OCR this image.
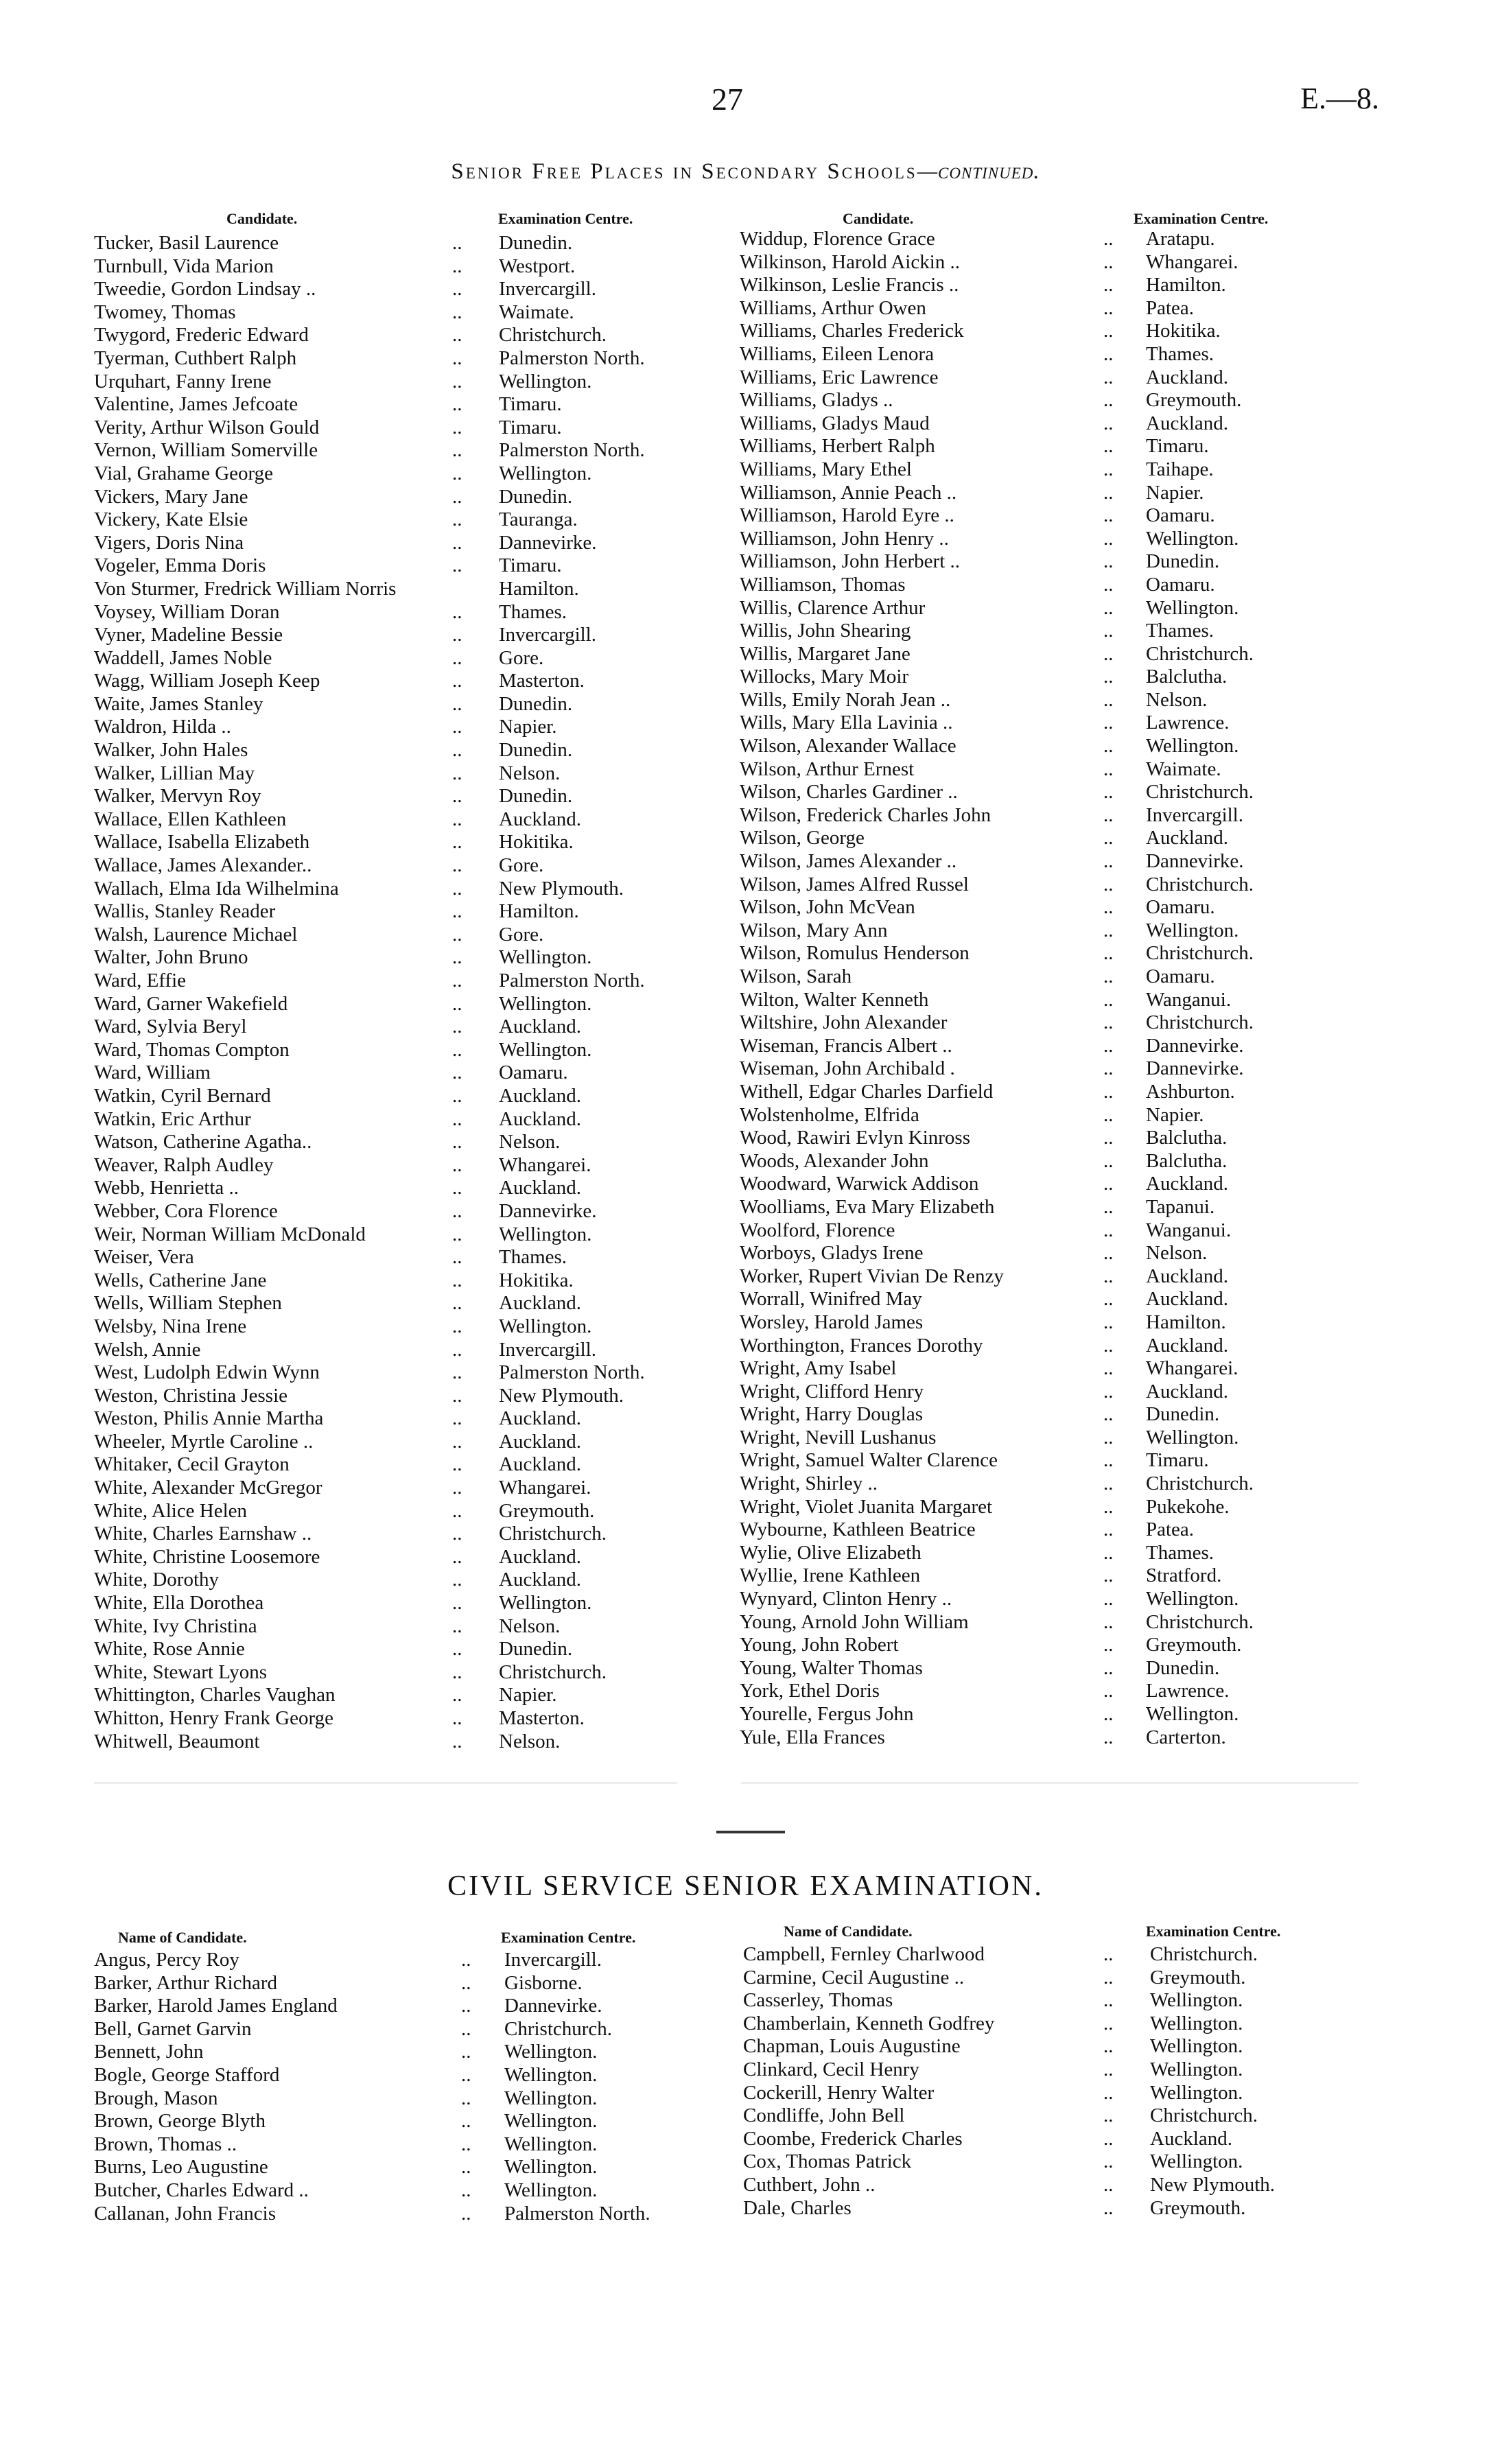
27	E.—8.
Senior Free Places in Secondary Schools—continued.
Candidate.	Examination Centre.	Candidate.	Examination Centre.
Tucker, Basil Laurence	.. Dunedin.
Turnbull, Vida Marion	.. Westport.
Tweedie, Gordon Lindsay ..	.. Invercargill.
Twomey, Thomas	.. Waimate.
Twygord, Frederic Edward	.. Christchurch.
Tyerman, Cuthbert Ralph	.. Palmerston North.
Urquhart, Fanny Irene	.. Wellington.
Valentine, James Jefcoate	.. Timaru.
Verity, Arthur Wilson Gould	.. Timaru.
Vernon, William Somerville	.. Palmerston North.
Vial, Grahame George	.. Wellington.
Vickers, Mary Jane	.. Dunedin.
Vickery, Kate Elsie	.. Tauranga.
Vigers, Doris Nina	.. Dannevirke.
Vogeler, Emma Doris	.. Timaru.
Von Sturmer, Fredrick William Norris	Hamilton.
Voysey, William Doran	.. Thames.
Vyner, Madeline Bessie	.. Invercargill.
Waddell, James Noble	.. Gore.
Wagg, William Joseph Keep	.. Masterton.
Waite, James Stanley	.. Dunedin.
Waldron, Hilda ..	.. Napier.
Walker, John Hales	.. Dunedin.
Walker, Lillian May	.. Nelson.
Walker, Mervyn Roy	.. Dunedin.
Wallace, Ellen Kathleen	.. Auckland.
Wallace, Isabella Elizabeth	.. Hokitika.
Wallace, James Alexander..	.. Gore.
Wallach, Elma Ida Wilhelmina	.. New Plymouth.
Wallis, Stanley Reader	.. Hamilton.
Walsh, Laurence Michael	.. Gore.
Walter, John Bruno	.. Wellington.
Ward, Effie	.. Palmerston North.
Ward, Garner Wakefield	.. Wellington.
Ward, Sylvia Beryl	.. Auckland.
Ward, Thomas Compton	.. Wellington.
Ward, William	.. Oamaru.
Watkin, Cyril Bernard	.. Auckland.
Watkin, Eric Arthur	.. Auckland.
Watson, Catherine Agatha..	.. Nelson.
Weaver, Ralph Audley	.. Whangarei.
Webb, Henrietta ..	.. Auckland.
Webber, Cora Florence	.. Dannevirke.
Weir, Norman William McDonald	.. Wellington.
Weiser, Vera	.. Thames.
Wells, Catherine Jane	.. Hokitika.
Wells, William Stephen	.. Auckland.
Welsby, Nina Irene	.. Wellington.
Welsh, Annie	.. Invercargill.
West, Ludolph Edwin Wynn	.. Palmerston North.
Weston, Christina Jessie	.. New Plymouth.
Weston, Philis Annie Martha	.. Auckland.
Wheeler, Myrtle Caroline ..	.. Auckland.
Whitaker, Cecil Grayton	.. Auckland.
White, Alexander McGregor	.. Whangarei.
White, Alice Helen	.. Greymouth.
White, Charles Earnshaw ..	.. Christchurch.
White, Christine Loosemore	.. Auckland.
White, Dorothy	.. Auckland.
White, Ella Dorothea	.. Wellington.
White, Ivy Christina	.. Nelson.
White, Rose Annie	.. Dunedin.
White, Stewart Lyons	.. Christchurch.
Whittington, Charles Vaughan	.. Napier.
Whitton, Henry Frank George	.. Masterton.
Whitwell, Beaumont	.. Nelson.
Widdup, Florence Grace	.. Aratapu.
Wilkinson, Harold Aickin ..	.. Whangarei.
Wilkinson, Leslie Francis ..	.. Hamilton.
Williams, Arthur Owen	.. Patea.
Williams, Charles Frederick	.. Hokitika.
Williams, Eileen Lenora	.. Thames.
Williams, Eric Lawrence	.. Auckland.
Williams, Gladys ..	.. Greymouth.
Williams, Gladys Maud	.. Auckland.
Williams, Herbert Ralph	.. Timaru.
Williams, Mary Ethel	.. Taihape.
Williamson, Annie Peach ..	.. Napier.
Williamson, Harold Eyre ..	.. Oamaru.
Williamson, John Henry ..	.. Wellington.
Williamson, John Herbert ..	.. Dunedin.
Williamson, Thomas	.. Oamaru.
Willis, Clarence Arthur	.. Wellington.
Willis, John Shearing	.. Thames.
Willis, Margaret Jane	.. Christchurch.
Willocks, Mary Moir	.. Balclutha.
Wills, Emily Norah Jean ..	.. Nelson.
Wills, Mary Ella Lavinia ..	.. Lawrence.
Wilson, Alexander Wallace	.. Wellington.
Wilson, Arthur Ernest	.. Waimate.
Wilson, Charles Gardiner ..	.. Christchurch.
Wilson, Frederick Charles John	.. Invercargill.
Wilson, George	.. Auckland.
Wilson, James Alexander ..	.. Dannevirke.
Wilson, James Alfred Russel	.. Christchurch.
Wilson, John McVean	.. Oamaru.
Wilson, Mary Ann	.. Wellington.
Wilson, Romulus Henderson	.. Christchurch.
Wilson, Sarah	.. Oamaru.
Wilton, Walter Kenneth	.. Wanganui.
Wiltshire, John Alexander	.. Christchurch.
Wiseman, Francis Albert ..	.. Dannevirke.
Wiseman, John Archibald .	.. Dannevirke.
Withell, Edgar Charles Darfield	.. Ashburton.
Wolstenholme, Elfrida	.. Napier.
Wood, Rawiri Evlyn Kinross	.. Balclutha.
Woods, Alexander John	.. Balclutha.
Woodward, Warwick Addison	.. Auckland.
Woolliams, Eva Mary Elizabeth	.. Tapanui.
Woolford, Florence	.. Wanganui.
Worboys, Gladys Irene	.. Nelson.
Worker, Rupert Vivian De Renzy	.. Auckland.
Worrall, Winifred May	.. Auckland.
Worsley, Harold James	.. Hamilton.
Worthington, Frances Dorothy	.. Auckland.
Wright, Amy Isabel	.. Whangarei.
Wright, Clifford Henry	.. Auckland.
Wright, Harry Douglas	.. Dunedin.
Wright, Nevill Lushanus	.. Wellington.
Wright, Samuel Walter Clarence	.. Timaru.
Wright, Shirley ..	.. Christchurch.
Wright, Violet Juanita Margaret	.. Pukekohe.
Wybourne, Kathleen Beatrice	.. Patea.
Wylie, Olive Elizabeth	.. Thames.
Wyllie, Irene Kathleen	.. Stratford.
Wynyard, Clinton Henry ..	.. Wellington.
Young, Arnold John William	.. Christchurch.
Young, John Robert	.. Greymouth.
Young, Walter Thomas	.. Dunedin.
York, Ethel Doris	.. Lawrence.
Yourelle, Fergus John	.. Wellington.
Yule, Ella Frances	.. Carterton.
CIVIL SERVICE SENIOR EXAMINATION.
Name of Candidate.	Examination Centre.	Name of Candidate.	Examination Centre.
Angus, Percy Roy	.. Invercargill.
Barker, Arthur Richard	.. Gisborne.
Barker, Harold James England	.. Dannevirke.
Bell, Garnet Garvin	.. Christchurch.
Bennett, John	.. Wellington.
Bogle, George Stafford	.. Wellington.
Brough, Mason	.. Wellington.
Brown, George Blyth	.. Wellington.
Brown, Thomas ..	.. Wellington.
Burns, Leo Augustine	.. Wellington.
Butcher, Charles Edward ..	.. Wellington.
Callanan, John Francis	.. Palmerston North.
Campbell, Fernley Charlwood	.. Christchurch.
Carmine, Cecil Augustine ..	.. Greymouth.
Casserley, Thomas	.. Wellington.
Chamberlain, Kenneth Godfrey	.. Wellington.
Chapman, Louis Augustine	.. Wellington.
Clinkard, Cecil Henry	.. Wellington.
Cockerill, Henry Walter	.. Wellington.
Condliffe, John Bell	.. Christchurch.
Coombe, Frederick Charles	.. Auckland.
Cox, Thomas Patrick	.. Wellington.
Cuthbert, John ..	.. New Plymouth.
Dale, Charles	.. Greymouth.
